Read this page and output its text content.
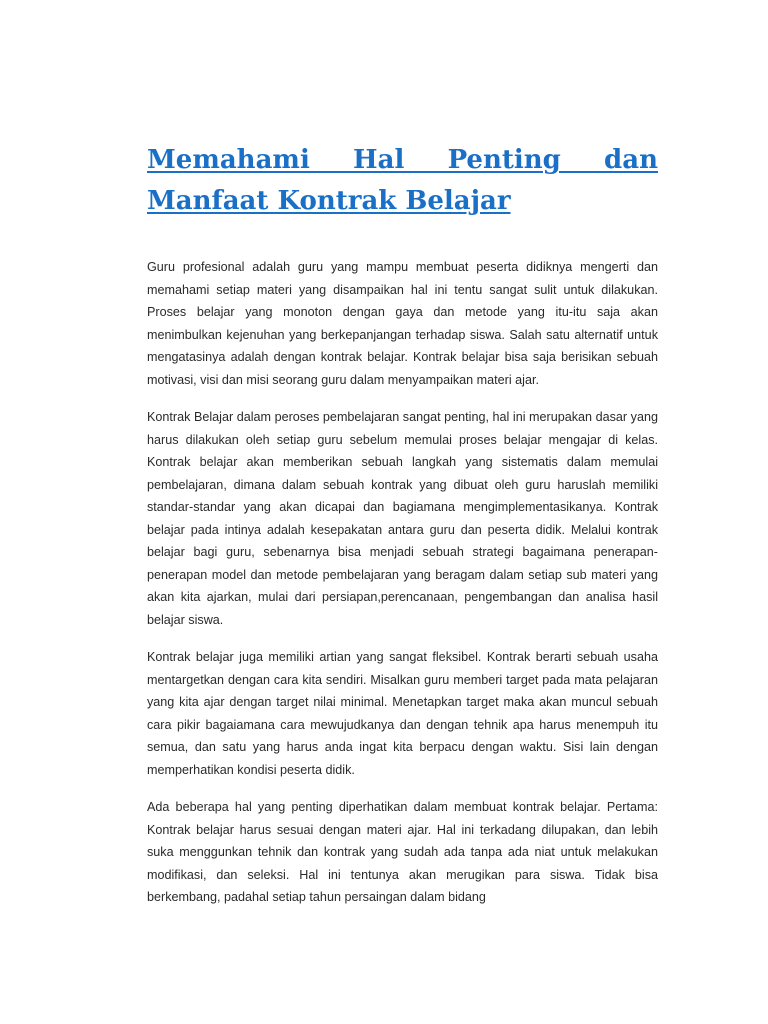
Memahami Hal Penting dan Manfaat Kontrak Belajar

Guru profesional adalah guru yang mampu membuat peserta didiknya mengerti dan memahami setiap materi yang disampaikan hal ini tentu sangat sulit untuk dilakukan. Proses belajar yang monoton dengan gaya dan metode yang itu-itu saja akan menimbulkan kejenuhan yang berkepanjangan terhadap siswa. Salah satu alternatif untuk mengatasinya adalah dengan kontrak belajar. Kontrak belajar bisa saja berisikan sebuah motivasi, visi dan misi seorang guru dalam menyampaikan materi ajar.

Kontrak Belajar dalam peroses pembelajaran sangat penting, hal ini merupakan dasar yang harus dilakukan oleh setiap guru sebelum memulai proses belajar mengajar di kelas. Kontrak belajar akan memberikan sebuah langkah yang sistematis dalam memulai pembelajaran, dimana dalam sebuah kontrak yang dibuat oleh guru haruslah memiliki standar-standar yang akan dicapai dan bagiamana mengimplementasikanya. Kontrak belajar pada intinya adalah kesepakatan antara guru dan peserta didik. Melalui kontrak belajar bagi guru, sebenarnya bisa menjadi sebuah strategi bagaimana penerapan-penerapan model dan metode pembelajaran yang beragam dalam setiap sub materi yang akan kita ajarkan, mulai dari persiapan,perencanaan, pengembangan dan analisa hasil belajar siswa.

Kontrak belajar juga memiliki artian yang sangat fleksibel. Kontrak berarti sebuah usaha mentargetkan dengan cara kita sendiri. Misalkan guru memberi target pada mata pelajaran yang kita ajar dengan target nilai minimal. Menetapkan target maka akan muncul sebuah cara pikir bagaiamana cara mewujudkanya dan dengan tehnik apa harus menempuh itu semua, dan satu yang harus anda ingat kita berpacu dengan waktu. Sisi lain dengan memperhatikan kondisi peserta didik.

Ada beberapa hal yang penting diperhatikan dalam membuat kontrak belajar. Pertama: Kontrak belajar harus sesuai dengan materi ajar. Hal ini terkadang dilupakan, dan lebih suka menggunkan tehnik dan kontrak yang sudah ada tanpa ada niat untuk melakukan modifikasi, dan seleksi. Hal ini tentunya akan merugikan para siswa. Tidak bisa berkembang, padahal setiap tahun persaingan dalam bidang
